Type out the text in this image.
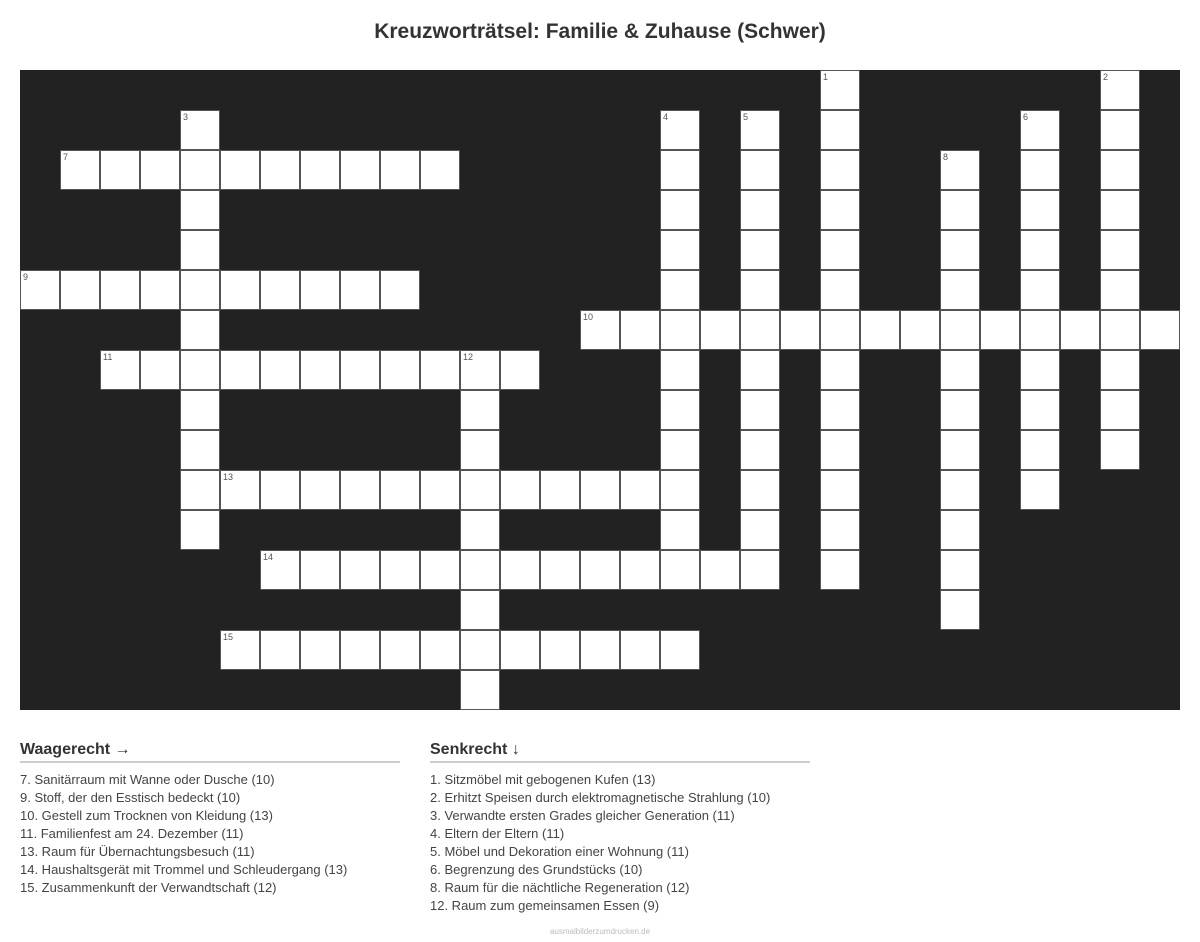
Kreuzworträtsel: Familie & Zuhause (Schwer)
1	2
3	4	5	6
7	8
9
10
11	12
13
14
15
Waagerecht →
7. Sanitärraum mit Wanne oder Dusche (10)
9. Stoff, der den Esstisch bedeckt (10)
10. Gestell zum Trocknen von Kleidung (13)
11. Familienfest am 24. Dezember (11)
13. Raum für Übernachtungsbesuch (11)
14. Haushaltsgerät mit Trommel und Schleudergang (13)
15. Zusammenkunft der Verwandtschaft (12)
Senkrecht ↓
1. Sitzmöbel mit gebogenen Kufen (13)
2. Erhitzt Speisen durch elektromagnetische Strahlung (10)
3. Verwandte ersten Grades gleicher Generation (11)
4. Eltern der Eltern (11)
5. Möbel und Dekoration einer Wohnung (11)
6. Begrenzung des Grundstücks (10)
8. Raum für die nächtliche Regeneration (12)
12. Raum zum gemeinsamen Essen (9)
ausmalbilderzumdrucken.de
